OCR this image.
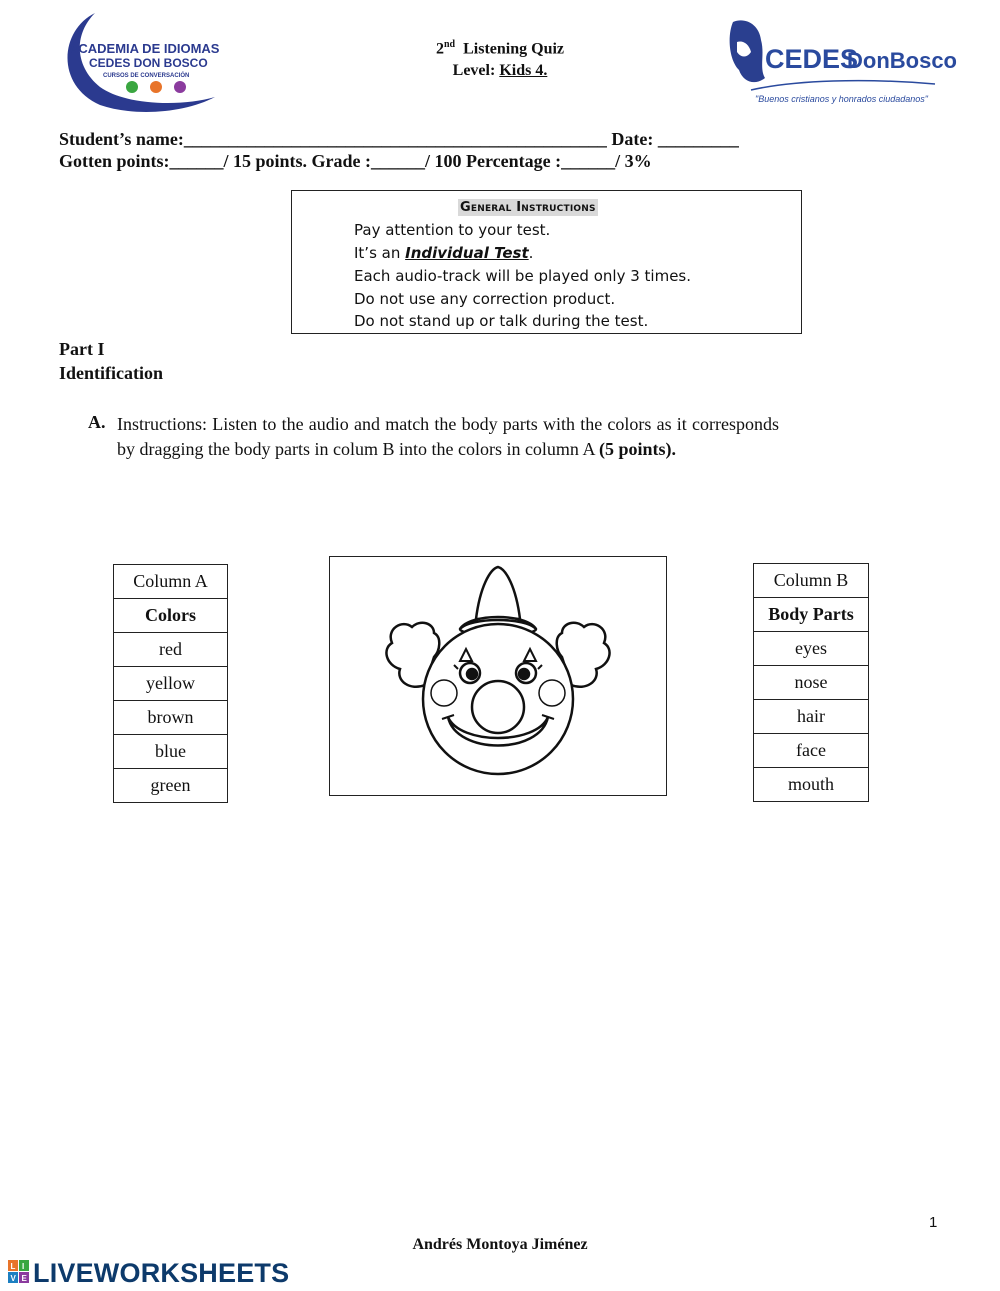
ACADEMIA DE IDIOMAS
CEDES DON BOSCO
CURSOS DE CONVERSACIÓN
2nd Listening Quiz
Level: Kids 4.	CEDES
DonBosco
"Buenos cristianos y honrados ciudadanos"
Student’s name:_______________________________________________ Date: _________
Gotten points:______/ 15 points. Grade :______/ 100 Percentage :______/ 3%
General Instructions
Pay attention to your test.
It’s an Individual Test.
Each audio-track will be played only 3 times.
Do not use any correction product.
Do not stand up or talk during the test.
Part I
Identification
A. Instructions: Listen to the audio and match the body parts with the colors as it corresponds by dragging the body parts in colum B into the colors in column A (5 points).
Column A
Colors
red
yellow
brown
blue
green
Column B
Body Parts
eyes
nose
hair
face
mouth
1
Andrés Montoya Jiménez
L I
V E LIVEWORKSHEETS
